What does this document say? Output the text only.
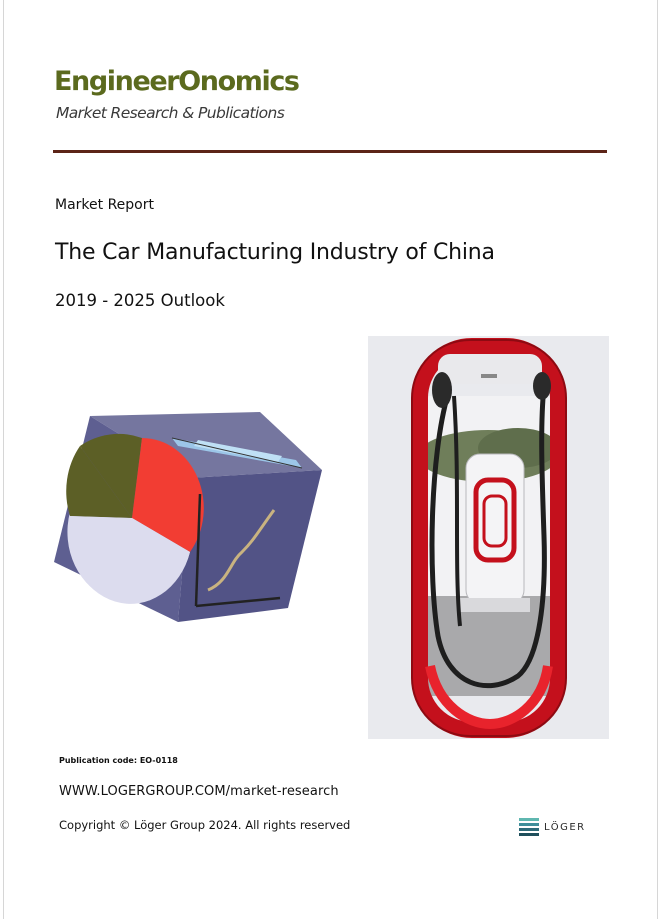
EngineerOnomics
Market Research & Publications
Market Report
The Car Manufacturing Industry of China
2019 - 2025 Outlook
Publication code: EO-0118
WWW.LOGERGROUP.COM/market-research
Copyright © Löger Group 2024. All rights reserved	LÖGER
